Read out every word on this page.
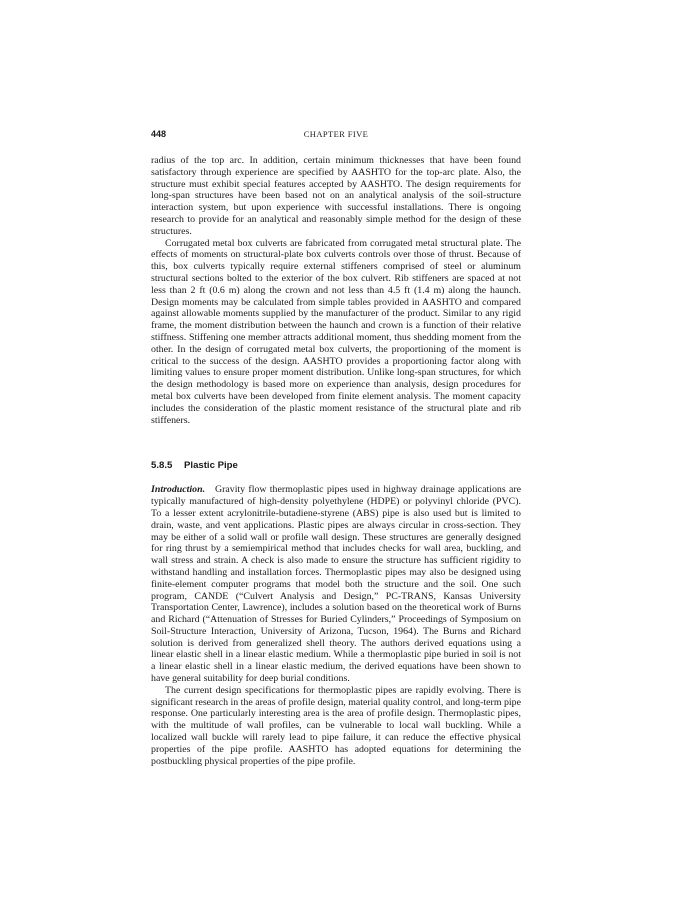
448	CHAPTER FIVE

radius of the top arc. In addition, certain minimum thicknesses that have been found satisfactory through experience are specified by AASHTO for the top-arc plate. Also, the structure must exhibit special features accepted by AASHTO. The design requirements for long-span structures have been based not on an analytical analysis of the soil-structure interaction system, but upon experience with successful installations. There is ongoing research to provide for an analytical and reasonably simple method for the design of these structures.

Corrugated metal box culverts are fabricated from corrugated metal structural plate. The effects of moments on structural-plate box culverts controls over those of thrust. Because of this, box culverts typically require external stiffeners comprised of steel or aluminum structural sections bolted to the exterior of the box culvert. Rib stiffeners are spaced at not less than 2 ft (0.6 m) along the crown and not less than 4.5 ft (1.4 m) along the haunch. Design moments may be calculated from simple tables provided in AASHTO and compared against allowable moments supplied by the manufacturer of the product. Similar to any rigid frame, the moment distribution between the haunch and crown is a function of their relative stiffness. Stiffening one member attracts additional moment, thus shedding moment from the other. In the design of corrugated metal box culverts, the proportioning of the moment is critical to the success of the design. AASHTO provides a proportioning factor along with limiting values to ensure proper moment distribution. Unlike long-span structures, for which the design methodology is based more on experience than analysis, design procedures for metal box culverts have been developed from finite element analysis. The moment capacity includes the consideration of the plastic moment resistance of the structural plate and rib stiffeners.

5.8.5 Plastic Pipe

Introduction. Gravity flow thermoplastic pipes used in highway drainage applications are typically manufactured of high-density polyethylene (HDPE) or polyvinyl chloride (PVC). To a lesser extent acrylonitrile-butadiene-styrene (ABS) pipe is also used but is limited to drain, waste, and vent applications. Plastic pipes are always circular in cross-section. They may be either of a solid wall or profile wall design. These structures are generally designed for ring thrust by a semiempirical method that includes checks for wall area, buckling, and wall stress and strain. A check is also made to ensure the structure has sufficient rigidity to withstand handling and installation forces. Thermoplastic pipes may also be designed using finite-element computer programs that model both the structure and the soil. One such program, CANDE (“Culvert Analysis and Design,” PC-TRANS, Kansas University Transportation Center, Lawrence), includes a solution based on the theoretical work of Burns and Richard (“Attenuation of Stresses for Buried Cylinders,” Proceedings of Symposium on Soil-Structure Interaction, University of Arizona, Tucson, 1964). The Burns and Richard solution is derived from generalized shell theory. The authors derived equations using a linear elastic shell in a linear elastic medium. While a thermoplastic pipe buried in soil is not a linear elastic shell in a linear elastic medium, the derived equations have been shown to have general suitability for deep burial conditions.

The current design specifications for thermoplastic pipes are rapidly evolving. There is significant research in the areas of profile design, material quality control, and long-term pipe response. One particularly interesting area is the area of profile design. Thermoplastic pipes, with the multitude of wall profiles, can be vulnerable to local wall buckling. While a localized wall buckle will rarely lead to pipe failure, it can reduce the effective physical properties of the pipe profile. AASHTO has adopted equations for determining the postbuckling physical properties of the pipe profile.
